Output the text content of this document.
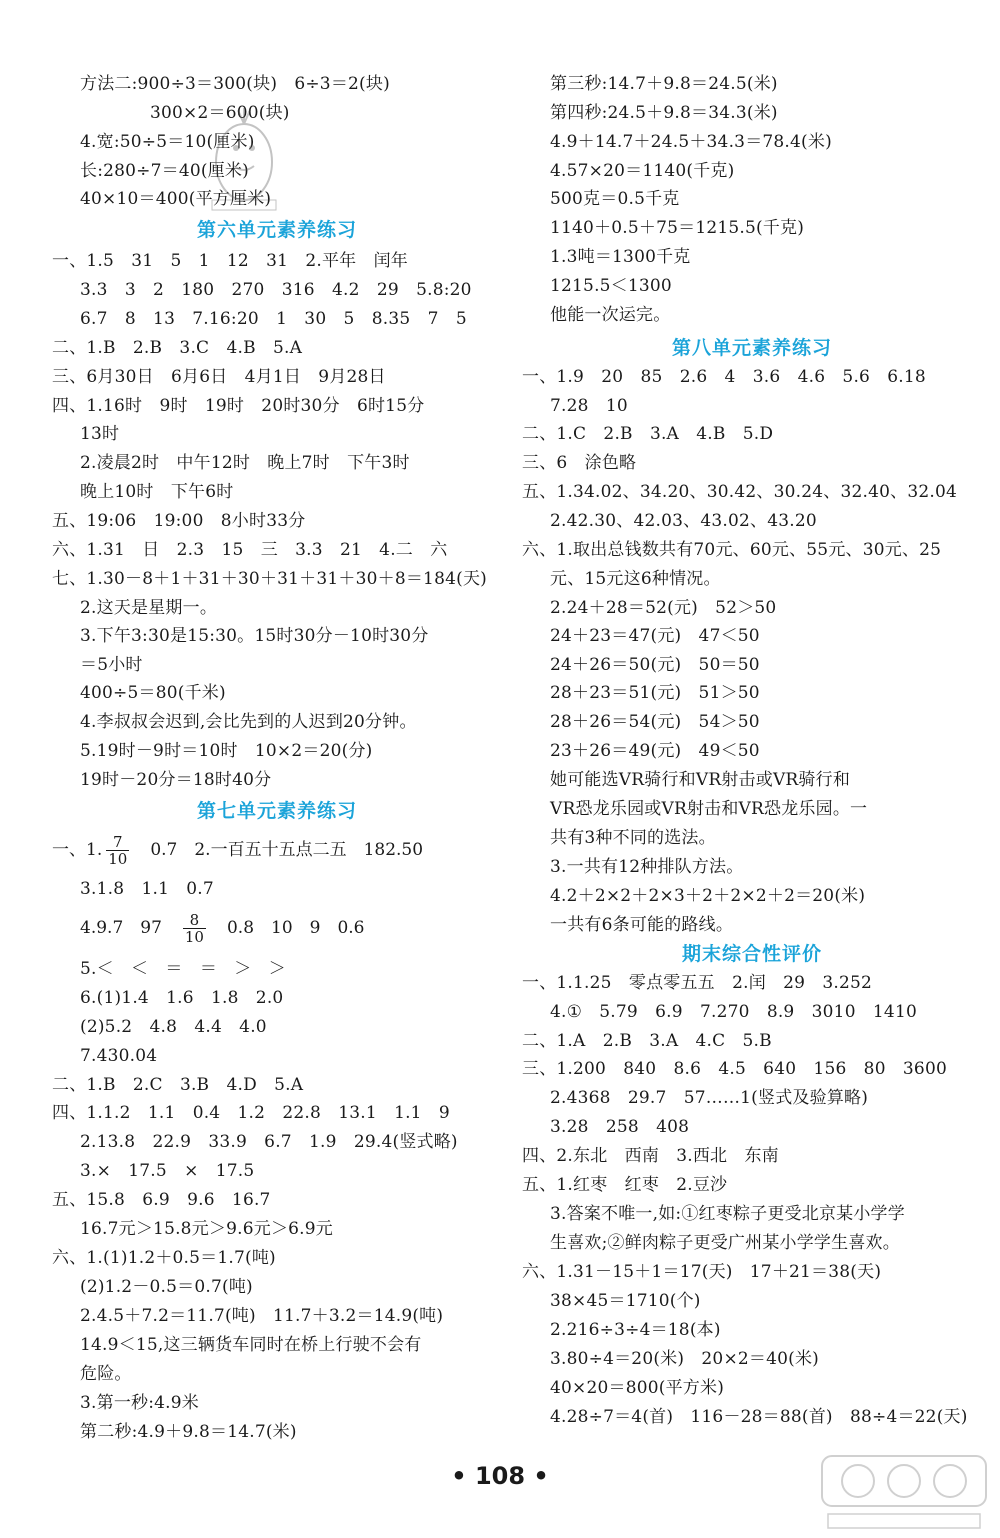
方法二:900÷3＝300(块)　6÷3＝2(块)
300×2＝600(块)
4.宽:50÷5＝10(厘米)
长:280÷7＝40(厘米)
40×10＝400(平方厘米)
第六单元素养练习
一、1.5　31　5　1　12　31　2.平年　闰年
3.3　3　2　180　270　316　4.2　29　5.8:20
6.7　8　13　7.16:20　1　30　5　8.35　7　5
二、1.B　2.B　3.C　4.B　5.A
三、6月30日　6月6日　4月1日　9月28日
四、1.16时　9时　19时　20时30分　6时15分
13时
2.凌晨2时　中午12时　晚上7时　下午3时
晚上10时　下午6时
五、19:06　19:00　8小时33分
六、1.31　日　2.3　15　三　3.3　21　4.二　六
七、1.30－8＋1＋31＋30＋31＋31＋30＋8＝184(天)
2.这天是星期一。
3.下午3:30是15:30。15时30分－10时30分
＝5小时
400÷5＝80(千米)
4.李叔叔会迟到,会比先到的人迟到20分钟。
5.19时－9时＝10时　10×2＝20(分)
19时－20分＝18时40分
第七单元素养练习
一、1. $\frac{7}{10}$
　 0.7　2.一百五十五点二五　182.50
3.1.8　1.1　0.7
4.9.7　97　 $\frac{8}{10}$
　 0.8　10　9　0.6
5.＜　＜　＝　＝　＞　＞
6.(1)1.4　1.6　1.8　2.0
(2)5.2　4.8　4.4　4.0
7.430.04
二、1.B　2.C　3.B　4.D　5.A
四、1.1.2　1.1　0.4　1.2　22.8　13.1　1.1　9
2.13.8　22.9　33.9　6.7　1.9　29.4(竖式略)
3.×　17.5　×　17.5
五、15.8　6.9　9.6　16.7
16.7元＞15.8元＞9.6元＞6.9元
六、1.(1)1.2＋0.5＝1.7(吨)
(2)1.2－0.5＝0.7(吨)
2.4.5＋7.2＝11.7(吨)　11.7＋3.2＝14.9(吨)
14.9＜15,这三辆货车同时在桥上行驶不会有
危险。
3.第一秒:4.9米
第二秒:4.9＋9.8＝14.7(米)
第三秒:14.7＋9.8＝24.5(米)
第四秒:24.5＋9.8＝34.3(米)
4.9＋14.7＋24.5＋34.3＝78.4(米)
4.57×20＝1140(千克)
500克＝0.5千克
1140＋0.5＋75＝1215.5(千克)
1.3吨＝1300千克
1215.5＜1300
他能一次运完。
第八单元素养练习
一、1.9　20　85　2.6　4　3.6　4.6　5.6　6.18
7.28　10
二、1.C　2.B　3.A　4.B　5.D
三、6　涂色略
五、1.34.02、34.20、30.42、30.24、32.40、32.04
2.42.30、42.03、43.02、43.20
六、1.取出总钱数共有70元、60元、55元、30元、25
元、15元这6种情况。
2.24＋28＝52(元)　52＞50
24＋23＝47(元)　47＜50
24＋26＝50(元)　50＝50
28＋23＝51(元)　51＞50
28＋26＝54(元)　54＞50
23＋26＝49(元)　49＜50
她可能选VR骑行和VR射击或VR骑行和
VR恐龙乐园或VR射击和VR恐龙乐园。一
共有3种不同的选法。
3.一共有12种排队方法。
4.2＋2×2＋2×3＋2＋2×2＋2＝20(米)
一共有6条可能的路线。
期末综合性评价
一、1.1.25　零点零五五　2.闰　29　3.252
4.①　5.79　6.9　7.270　8.9　3010　1410
二、1.A　2.B　3.A　4.C　5.B
三、1.200　840　8.6　4.5　640　156　80　3600
2.4368　29.7　57……1(竖式及验算略)
3.28　258　408
四、2.东北　西南　3.西北　东南
五、1.红枣　红枣　2.豆沙
3.答案不唯一,如:①红枣粽子更受北京某小学学
生喜欢;②鲜肉粽子更受广州某小学学生喜欢。
六、1.31－15＋1＝17(天)　17＋21＝38(天)
38×45＝1710(个)
2.216÷3÷4＝18(本)
3.80÷4＝20(米)　20×2＝40(米)
40×20＝800(平方米)
4.28÷7＝4(首)　116－28＝88(首)　88÷4＝22(天)
• 108 •
